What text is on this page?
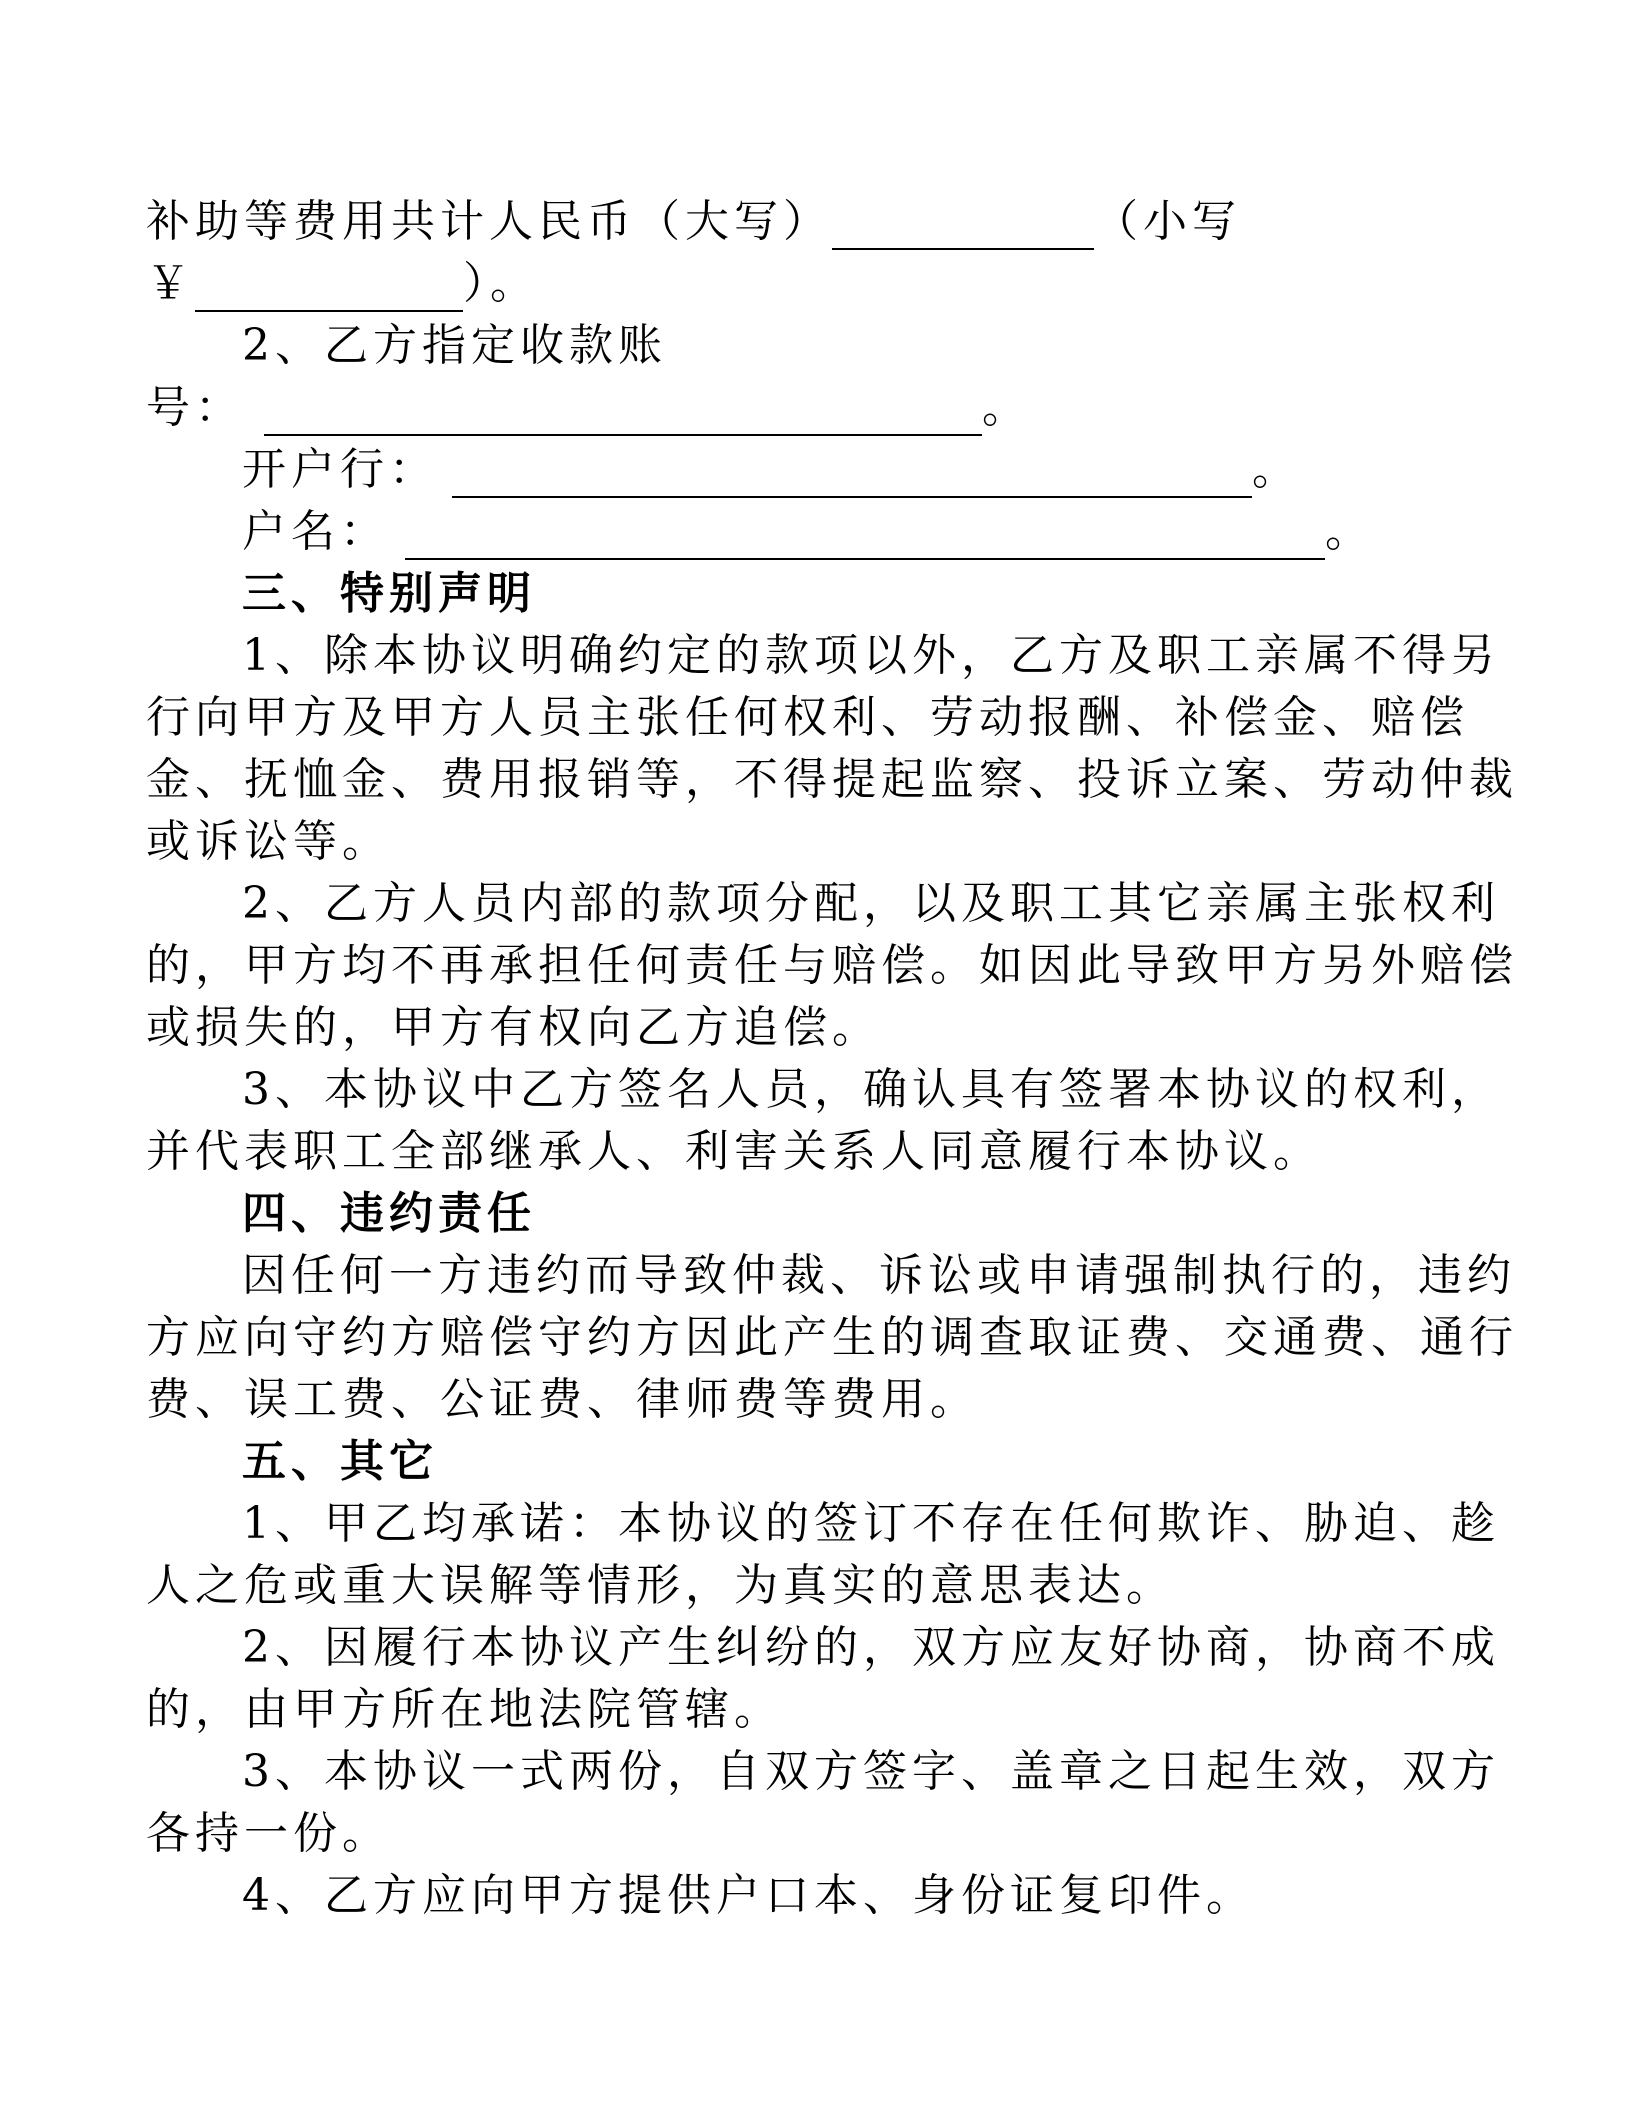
补助等费用共计人民币（大写）	（小写
￥	）。
2、乙方指定收款账
号：	。
开户行：	。
户名：	。
三、特别声明
1、除本协议明确约定的款项以外，乙方及职工亲属不得另
行向甲方及甲方人员主张任何权利、劳动报酬、补偿金、赔偿
金、抚恤金、费用报销等，不得提起监察、投诉立案、劳动仲裁
或诉讼等。
2、乙方人员内部的款项分配，以及职工其它亲属主张权利
的，甲方均不再承担任何责任与赔偿。如因此导致甲方另外赔偿
或损失的，甲方有权向乙方追偿。
3、本协议中乙方签名人员，确认具有签署本协议的权利，
并代表职工全部继承人、利害关系人同意履行本协议。
四、违约责任
因任何一方违约而导致仲裁、诉讼或申请强制执行的，违约
方应向守约方赔偿守约方因此产生的调查取证费、交通费、通行
费、误工费、公证费、律师费等费用。
五、其它
1、甲乙均承诺：本协议的签订不存在任何欺诈、胁迫、趁
人之危或重大误解等情形，为真实的意思表达。
2、因履行本协议产生纠纷的，双方应友好协商，协商不成
的，由甲方所在地法院管辖。
3、本协议一式两份，自双方签字、盖章之日起生效，双方
各持一份。
4、乙方应向甲方提供户口本、身份证复印件。
